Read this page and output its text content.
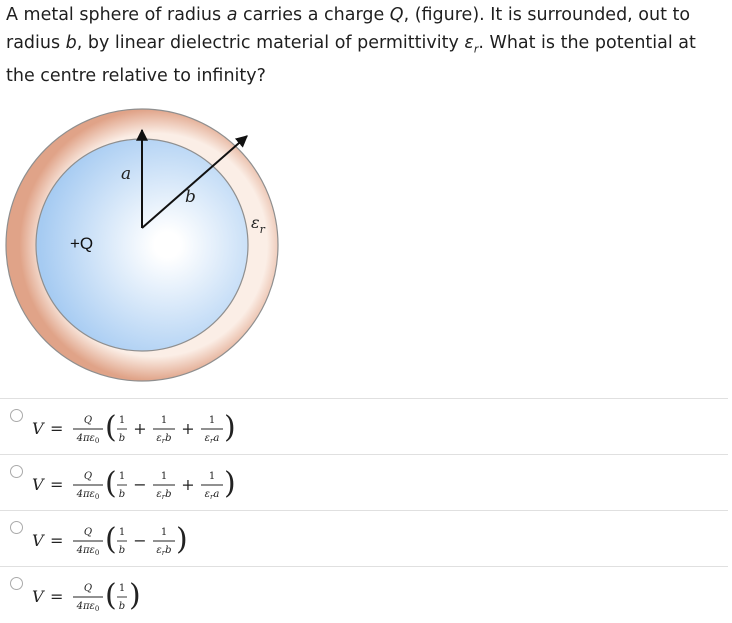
A metal sphere of radius a carries a charge Q, (figure). It is surrounded, out to radius b, by linear dielectric material of permittivity $\varepsilon_r$. What is the potential at the centre relative to infinity?

a
b
+Q
$\varepsilon_r$
V = Q
$4\pi\varepsilon_0$ ( 1
b
+ 1
$\varepsilon_rb$
+ 1
$\varepsilon_ra$ )
V = Q
$4\pi\varepsilon_0$ ( 1
b
− 1
$\varepsilon_rb$
+ 1
$\varepsilon_ra$ )
V = Q
$4\pi\varepsilon_0$ ( 1
b
− 1
$\varepsilon_rb$ )
V = Q
$4\pi\varepsilon_0$ ( 1
b )
